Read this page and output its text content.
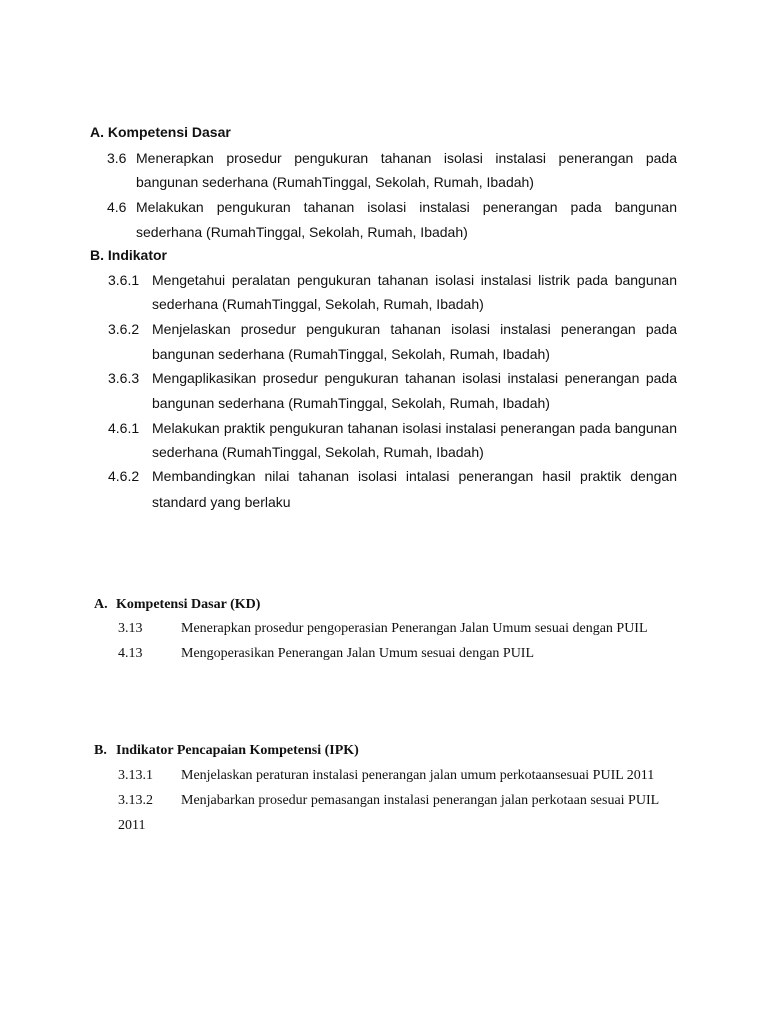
A. Kompetensi Dasar
3.6 Menerapkan prosedur pengukuran tahanan isolasi instalasi penerangan pada
bangunan sederhana (RumahTinggal, Sekolah, Rumah, Ibadah)
4.6 Melakukan pengukuran tahanan isolasi instalasi penerangan pada bangunan
sederhana (RumahTinggal, Sekolah, Rumah, Ibadah)
B. Indikator
3.6.1 Mengetahui peralatan pengukuran tahanan isolasi instalasi listrik pada bangunan
sederhana (RumahTinggal, Sekolah, Rumah, Ibadah)
3.6.2 Menjelaskan prosedur pengukuran tahanan isolasi instalasi penerangan pada
bangunan sederhana (RumahTinggal, Sekolah, Rumah, Ibadah)
3.6.3 Mengaplikasikan prosedur pengukuran tahanan isolasi instalasi penerangan pada
bangunan sederhana (RumahTinggal, Sekolah, Rumah, Ibadah)
4.6.1 Melakukan praktik pengukuran tahanan isolasi instalasi penerangan pada bangunan
sederhana (RumahTinggal, Sekolah, Rumah, Ibadah)
4.6.2 Membandingkan nilai tahanan isolasi intalasi penerangan hasil praktik dengan
standard yang berlaku
A. Kompetensi Dasar (KD)
3.13	Menerapkan prosedur pengoperasian Penerangan Jalan Umum sesuai dengan PUIL
4.13	Mengoperasikan Penerangan Jalan Umum sesuai dengan PUIL
B. Indikator Pencapaian Kompetensi (IPK)
3.13.1 Menjelaskan peraturan instalasi penerangan jalan umum perkotaansesuai PUIL 2011
3.13.2 Menjabarkan prosedur pemasangan instalasi penerangan jalan perkotaan sesuai PUIL
2011
